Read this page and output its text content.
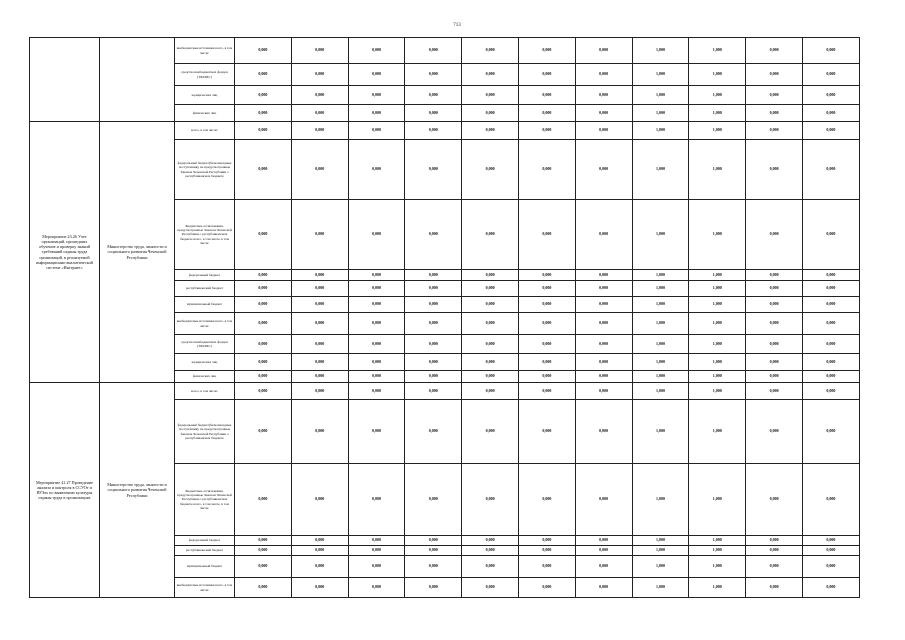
713
		внебюджетные источники всего, в том числе:	0,000	0,000	0,000	0,000	0,000	0,000	0,000	1,000	1,000	0,000	0,000
		средства внебюджетных фондов (ТФОМС)	0,000	0,000	0,000	0,000	0,000	0,000	0,000	1,000	1,000	0,000	0,000
		юридических лиц	0,000	0,000	0,000	0,000	0,000	0,000	0,000	1,000	1,000	0,000	0,000
		физических лиц	0,000	0,000	0,000	0,000	0,000	0,000	0,000	1,000	1,000	0,000	0,000
Мероприятие 23.26 Учет организаций, прошедших обучение и проверку знаний требований охраны труда организаций, в реализуемой информационно-аналитической системе «Интернет»	Министерство труда, занятости и социального развития Чеченской Республики	всего, в том числе:	0,000	0,000	0,000	0,000	0,000	0,000	0,000	1,000	1,000	0,000	0,000
		федеральный бюджет(безвозмездные поступления), не предусмотренные Законом Чеченской Республики о республиканском бюджете	0,000	0,000	0,000	0,000	0,000	0,000	0,000	1,000	1,000	0,000	0,000
		Бюджетные ассигнования, предусмотренные Законом Чеченской Республики о республиканском бюджете всего, в том числе, в том числе:	0,000	0,000	0,000	0,000	0,000	0,000	0,000	1,000	1,000	0,000	0,000
		федеральный бюджет	0,000	0,000	0,000	0,000	0,000	0,000	0,000	1,000	1,000	0,000	0,000
		республиканский бюджет	0,000	0,000	0,000	0,000	0,000	0,000	0,000	1,000	1,000	0,000	0,000
		муниципальный бюджет	0,000	0,000	0,000	0,000	0,000	0,000	0,000	1,000	1,000	0,000	0,000
		внебюджетные источники всего, в том числе:	0,000	0,000	0,000	0,000	0,000	0,000	0,000	1,000	1,000	0,000	0,000
		средства внебюджетных фондов (ТФОМС)	0,000	0,000	0,000	0,000	0,000	0,000	0,000	1,000	1,000	0,000	0,000
		юридических лиц	0,000	0,000	0,000	0,000	0,000	0,000	0,000	1,000	1,000	0,000	0,000
		физических лиц	0,000	0,000	0,000	0,000	0,000	0,000	0,000	1,000	1,000	0,000	0,000
Мероприятие 41.27 Проведение анализа и контроля в ССУОт и ВУЗах по выявлению культуры охраны труда в организациях	Министерство труда, занятости и социального развития Чеченской Республики	всего, в том числе:	0,000	0,000	0,000	0,000	0,000	0,000	0,000	1,000	1,000	0,000	0,000
		федеральный бюджет(безвозмездные поступления), не предусмотренные Законом Чеченской Республики о республиканском бюджете	0,000	0,000	0,000	0,000	0,000	0,000	0,000	1,000	1,000	0,000	0,000
		Бюджетные ассигнования, предусмотренные Законом Чеченской Республики о республиканском бюджете всего, в том числе, в том числе:	0,000	0,000	0,000	0,000	0,000	0,000	0,000	1,000	1,000	0,000	0,000
		федеральный бюджет	0,000	0,000	0,000	0,000	0,000	0,000	0,000	1,000	1,000	0,000	0,000
		республиканский бюджет	0,000	0,000	0,000	0,000	0,000	0,000	0,000	1,000	1,000	0,000	0,000
		муниципальный бюджет	0,000	0,000	0,000	0,000	0,000	0,000	0,000	1,000	1,000	0,000	0,000
		внебюджетные источники всего, в том числе:	0,000	0,000	0,000	0,000	0,000	0,000	0,000	1,000	1,000	0,000	0,000
